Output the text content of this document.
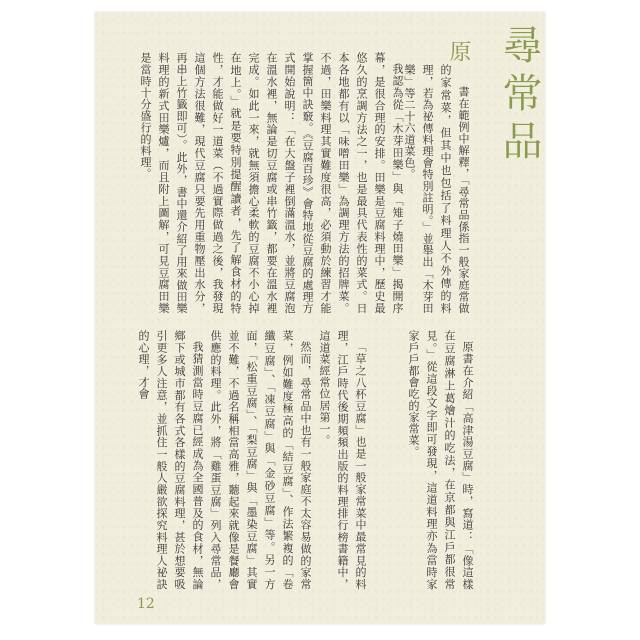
尋常品
原

書在範例中解釋，「尋常品係指一般家庭常做的家常菜，但其中也包括了料理人不外傳的料理，若為祕傳料理會特別註明。」並舉出「木芽田樂」等二十六道菜色。

我認為從「木芽田樂」與「雉子燒田樂」揭開序幕，是很合理的安排。田樂是豆腐料理中，歷史最悠久的烹調方法之一，也是最具代表性的菜式。日本各地都有以「味噌田樂」為調理方法的招牌菜。不過，田樂料理其實難度很高，必須動於練習才能掌握箇中訣竅。《豆腐百珍》會特地從豆腐的處理方式開始說明：「在大盤子裡倒滿溫水，並將豆腐泡在溫水裡，無論是切豆腐或串竹籤，都要在溫水裡完成。如此一來，就無須擔心柔軟的豆腐不小心掉在地上。」就是要特別提醒讀者，先了解食材的特性，才能做好一道菜（不過實際做過之後，我發現這個方法很難，現代豆腐只要先用重物壓出水分，再串上竹籤即可）。此外，書中還介紹了用來做田樂料理的新式田樂爐，而且附上圖解，可見豆腐田樂是當時十分盛行的料理。

原書在介紹「高津湯豆腐」時，寫道：「像這樣在豆腐淋上葛燴汁的吃法，在京都與江戶都很常見。」從這段文字即可發現，這道料理亦為當時家家戶戶都會吃的家常菜。

「草之八杯豆腐」也是一般家常菜中最常見的料理，江戶時代後期頻頻出版的料理排行榜書籍中，這道菜經常位居第一。

然而，尋常品中也有一般家庭不太容易做的家常菜，例如難度極高的「結豆腐」、作法繁複的「卷纖豆腐」、「凍豆腐」與「金砂豆腐」等。另一方面，「松重豆腐」、「梨豆腐」與「墨染豆腐」其實並不難，不過名稱相當高雅，聽起來就像是餐廳會供應的料理。此外，將「雞蛋豆腐」列入尋常品，

我猜測當時豆腐已經成為全國普及的食材，無論鄉下或城市都有各式各樣的豆腐料理，甚於想要吸引更多人注意，並抓住一般人嚴欲探究料理人祕訣的心理，才會

12
